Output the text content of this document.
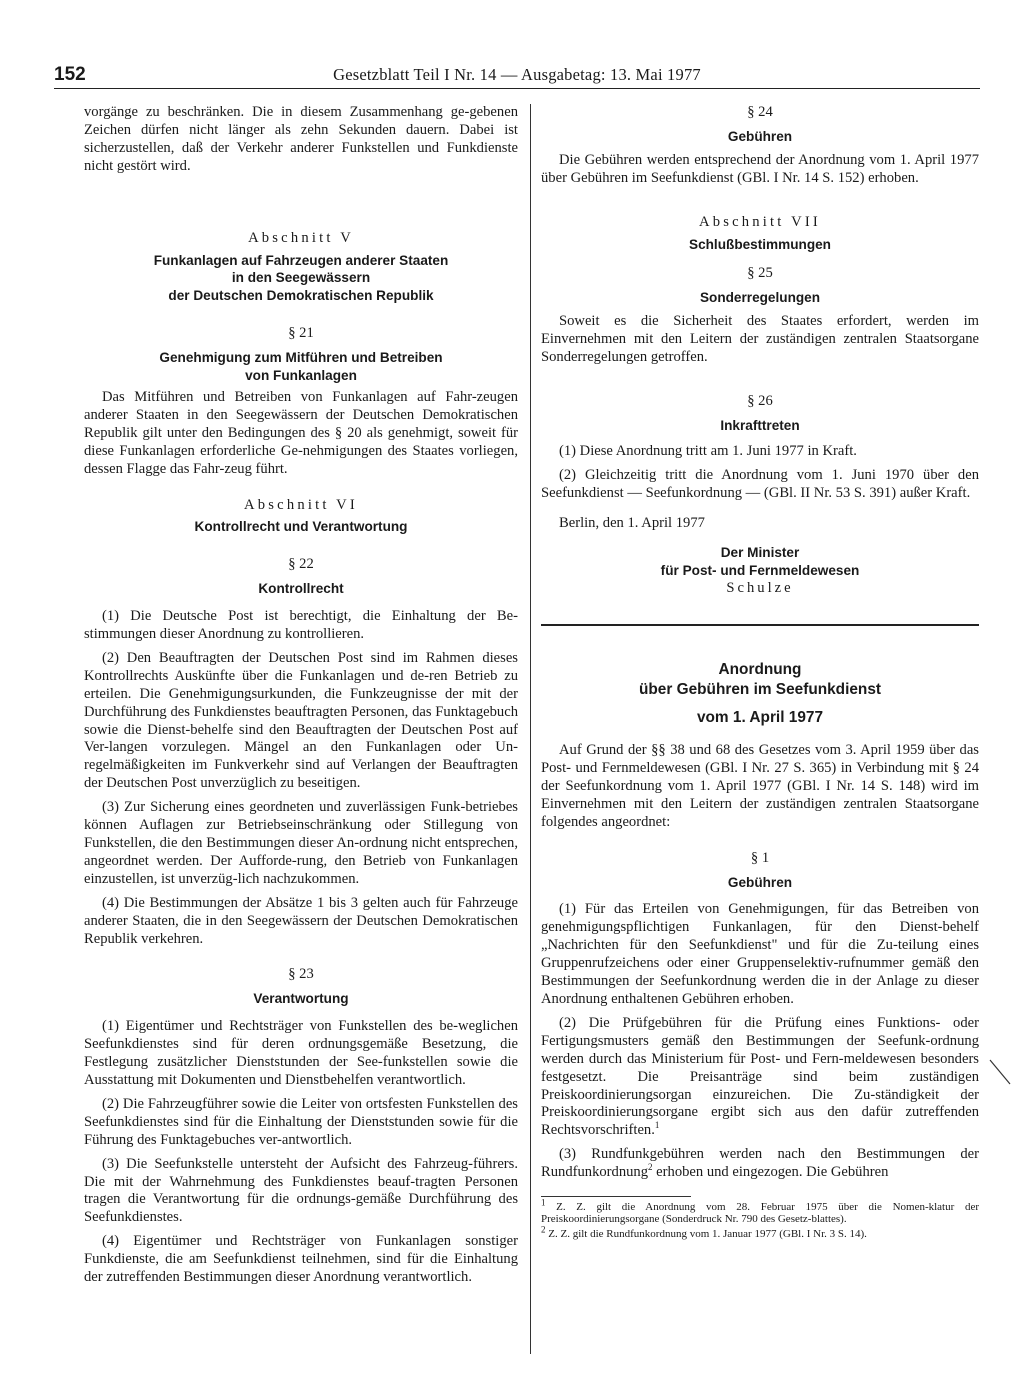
152	Gesetzblatt Teil I Nr. 14 — Ausgabetag: 13. Mai 1977

vorgänge zu beschränken. Die in diesem Zusammenhang ge-gebenen Zeichen dürfen nicht länger als zehn Sekunden dauern. Dabei ist sicherzustellen, daß der Verkehr anderer Funkstellen und Funkdienste nicht gestört wird.

Abschnitt V

Funkanlagen auf Fahrzeugen anderer Staaten

in den Seegewässern

der Deutschen Demokratischen Republik

§ 21

Genehmigung zum Mitführen und Betreiben

von Funkanlagen

Das Mitführen und Betreiben von Funkanlagen auf Fahr-zeugen anderer Staaten in den Seegewässern der Deutschen Demokratischen Republik gilt unter den Bedingungen des § 20 als genehmigt, soweit für diese Funkanlagen erforderliche Ge-nehmigungen des Staates vorliegen, dessen Flagge das Fahr-zeug führt.

Abschnitt VI

Kontrollrecht und Verantwortung

§ 22

Kontrollrecht

(1) Die Deutsche Post ist berechtigt, die Einhaltung der Be-stimmungen dieser Anordnung zu kontrollieren.

(2) Den Beauftragten der Deutschen Post sind im Rahmen dieses Kontrollrechts Auskünfte über die Funkanlagen und de-ren Betrieb zu erteilen. Die Genehmigungsurkunden, die Funkzeugnisse der mit der Durchführung des Funkdienstes beauftragten Personen, das Funktagebuch sowie die Dienst-behelfe sind den Beauftragten der Deutschen Post auf Ver-langen vorzulegen. Mängel an den Funkanlagen oder Un-regelmäßigkeiten im Funkverkehr sind auf Verlangen der Beauftragten der Deutschen Post unverzüglich zu beseitigen.

(3) Zur Sicherung eines geordneten und zuverlässigen Funk-betriebes können Auflagen zur Betriebseinschränkung oder Stillegung von Funkstellen, die den Bestimmungen dieser An-ordnung nicht entsprechen, angeordnet werden. Der Aufforde-rung, den Betrieb von Funkanlagen einzustellen, ist unverzüg-lich nachzukommen.

(4) Die Bestimmungen der Absätze 1 bis 3 gelten auch für Fahrzeuge anderer Staaten, die in den Seegewässern der Deutschen Demokratischen Republik verkehren.

§ 23

Verantwortung

(1) Eigentümer und Rechtsträger von Funkstellen des be-weglichen Seefunkdienstes sind für deren ordnungsgemäße Besetzung, die Festlegung zusätzlicher Dienststunden der See-funkstellen sowie die Ausstattung mit Dokumenten und Dienstbehelfen verantwortlich.

(2) Die Fahrzeugführer sowie die Leiter von ortsfesten Funkstellen des Seefunkdienstes sind für die Einhaltung der Dienststunden sowie für die Führung des Funktagebuches ver-antwortlich.

(3) Die Seefunkstelle untersteht der Aufsicht des Fahrzeug-führers. Die mit der Wahrnehmung des Funkdienstes beauf-tragten Personen tragen die Verantwortung für die ordnungs-gemäße Durchführung des Seefunkdienstes.

(4) Eigentümer und Rechtsträger von Funkanlagen sonstiger Funkdienste, die am Seefunkdienst teilnehmen, sind für die Einhaltung der zutreffenden Bestimmungen dieser Anordnung verantwortlich.

§ 24

Gebühren

Die Gebühren werden entsprechend der Anordnung vom 1. April 1977 über Gebühren im Seefunkdienst (GBl. I Nr. 14 S. 152) erhoben.

Abschnitt VII

Schlußbestimmungen

§ 25

Sonderregelungen

Soweit es die Sicherheit des Staates erfordert, werden im Einvernehmen mit den Leitern der zuständigen zentralen Staatsorgane Sonderregelungen getroffen.

§ 26

Inkrafttreten

(1) Diese Anordnung tritt am 1. Juni 1977 in Kraft.

(2) Gleichzeitig tritt die Anordnung vom 1. Juni 1970 über den Seefunkdienst — Seefunkordnung — (GBl. II Nr. 53 S. 391) außer Kraft.

Berlin, den 1. April 1977

Der Minister

für Post- und Fernmeldewesen

Schulze

Anordnung

über Gebühren im Seefunkdienst

vom 1. April 1977

Auf Grund der §§ 38 und 68 des Gesetzes vom 3. April 1959 über das Post- und Fernmeldewesen (GBl. I Nr. 27 S. 365) in Verbindung mit § 24 der Seefunkordnung vom 1. April 1977 (GBl. I Nr. 14 S. 148) wird im Einvernehmen mit den Leitern der zuständigen zentralen Staatsorgane folgendes angeordnet:

§ 1

Gebühren

(1) Für das Erteilen von Genehmigungen, für das Betreiben von genehmigungspflichtigen Funkanlagen, für den Dienst-behelf „Nachrichten für den Seefunkdienst" und für die Zu-teilung eines Gruppenrufzeichens oder einer Gruppenselektiv-rufnummer gemäß den Bestimmungen der Seefunkordnung werden die in der Anlage zu dieser Anordnung enthaltenen Gebühren erhoben.

(2) Die Prüfgebühren für die Prüfung eines Funktions- oder Fertigungsmusters gemäß den Bestimmungen der Seefunk-ordnung werden durch das Ministerium für Post- und Fern-meldewesen besonders festgesetzt. Die Preisanträge sind beim zuständigen Preiskoordinierungsorgan einzureichen. Die Zu-ständigkeit der Preiskoordinierungsorgane ergibt sich aus den dafür zutreffenden Rechtsvorschriften.$^1$

(3) Rundfunkgebühren werden nach den Bestimmungen der Rundfunkordnung$^2$ erhoben und eingezogen. Die Gebühren

$^1$ Z. Z. gilt die Anordnung vom 28. Februar 1975 über die Nomen-klatur der Preiskoordinierungsorgane (Sonderdruck Nr. 790 des Gesetz-blattes).

$^2$ Z. Z. gilt die Rundfunkordnung vom 1. Januar 1977 (GBl. I Nr. 3 S. 14).
